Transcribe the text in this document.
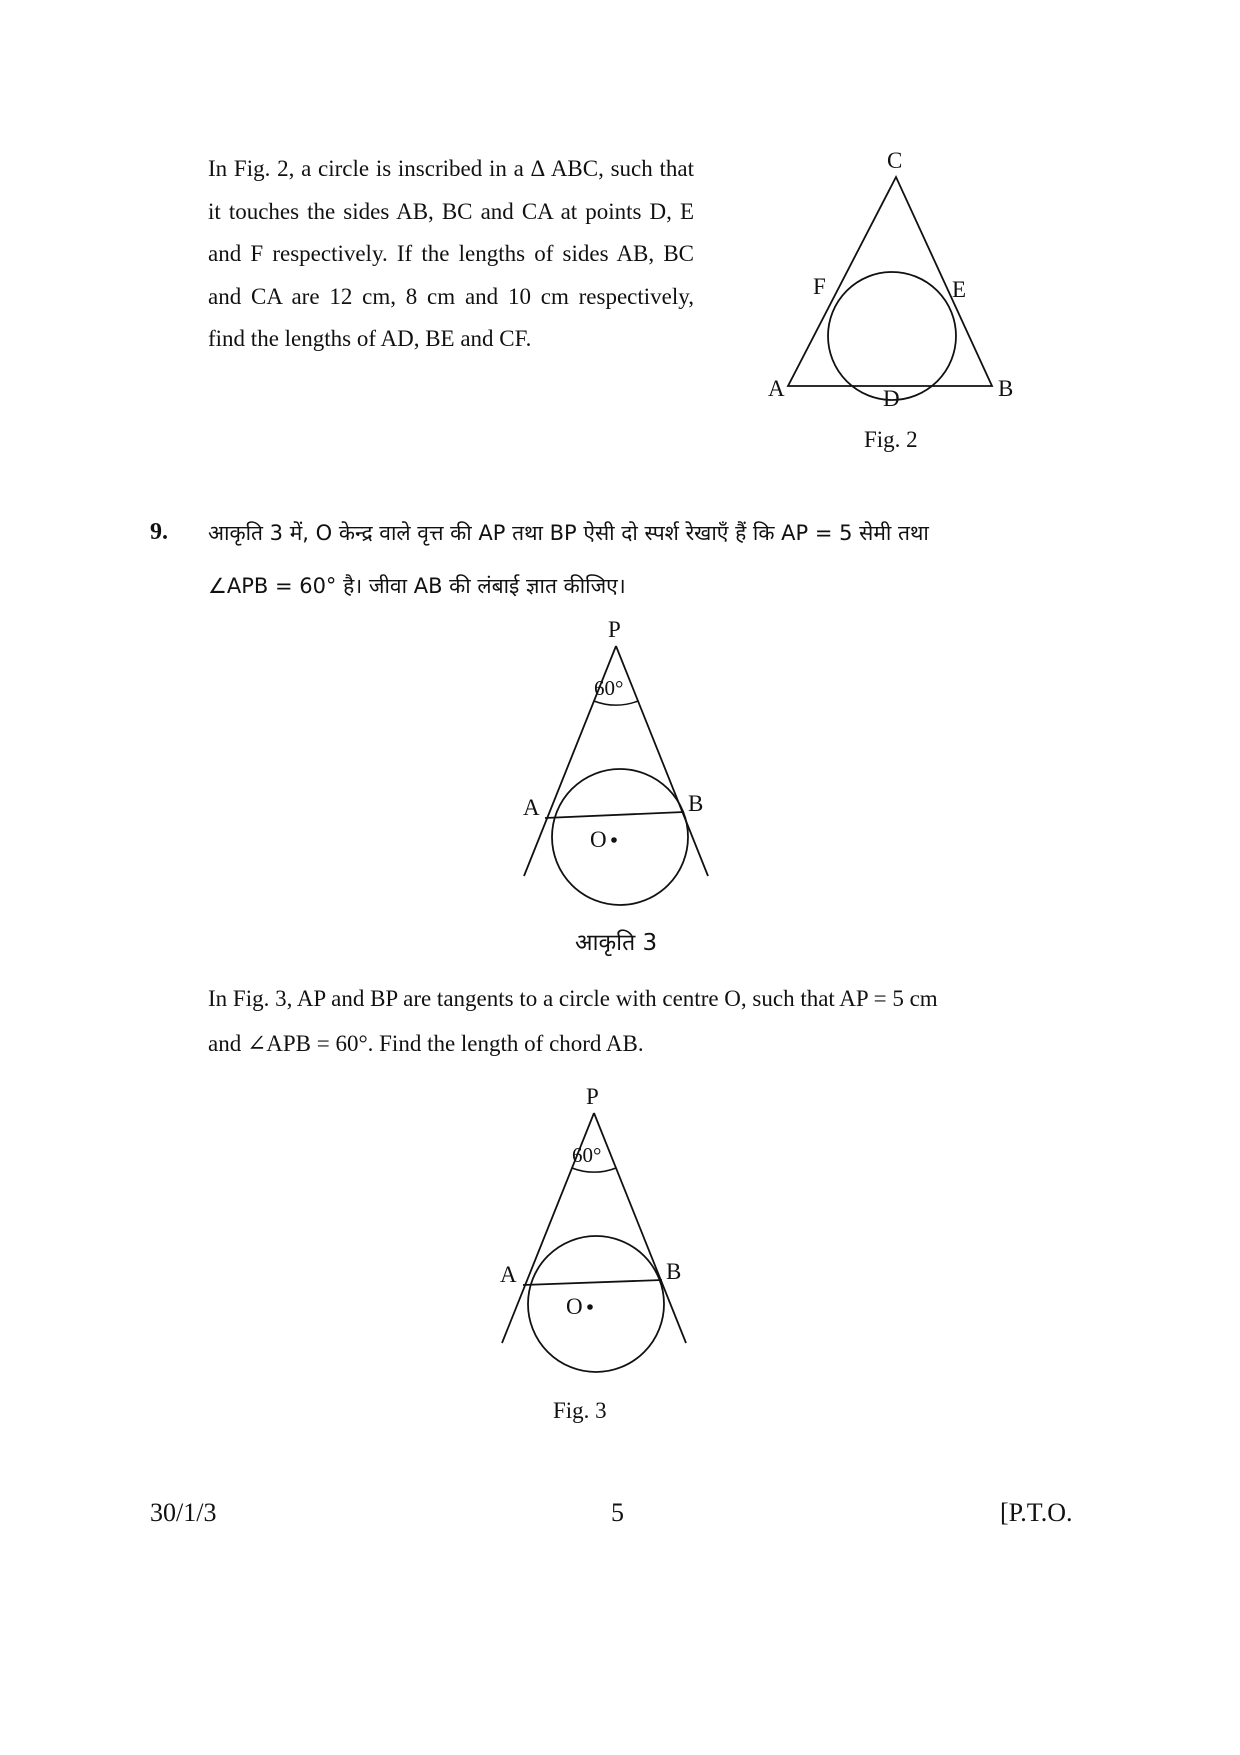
In Fig. 2, a circle is inscribed in a Δ ABC, such that it touches the sides AB, BC and CA at points D, E and F respectively. If the lengths of sides AB, BC and CA are 12 cm, 8 cm and 10 cm respectively, find the lengths of AD, BE and CF.
C
F	E
A	B
D
Fig. 2
9. आकृति 3 में, O केन्द्र वाले वृत्त की AP तथा BP ऐसी दो स्पर्श रेखाएँ हैं कि AP = 5 सेमी तथा
∠APB = 60° है। जीवा AB की लंबाई ज्ञात कीजिए।
P
60°
A	B
O
आकृति 3
In Fig. 3, AP and BP are tangents to a circle with centre O, such that AP = 5 cm
and ∠APB = 60°. Find the length of chord AB.
P
60°
A	B
O
Fig. 3
30/1/3	5	[P.T.O.
